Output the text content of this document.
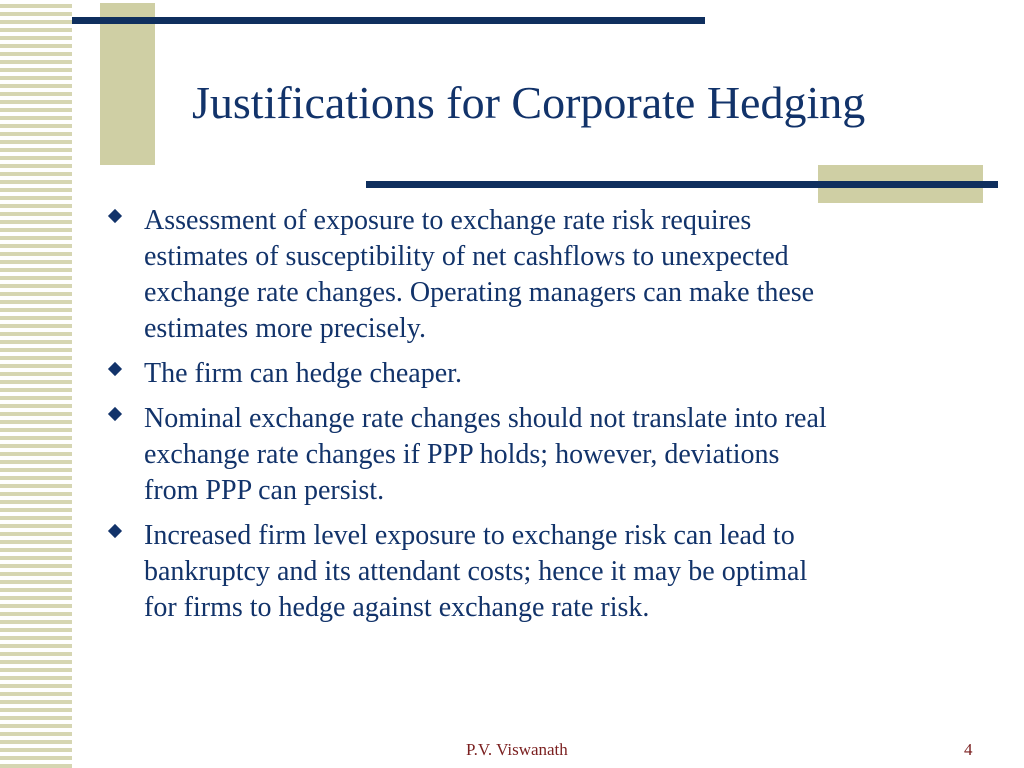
Justifications for Corporate Hedging
Assessment of exposure to exchange rate risk requires
estimates of susceptibility of net cashflows to unexpected
exchange rate changes. Operating managers can make these
estimates more precisely.
The firm can hedge cheaper.
Nominal exchange rate changes should not translate into real
exchange rate changes if PPP holds; however, deviations
from PPP can persist.
Increased firm level exposure to exchange risk can lead to
bankruptcy and its attendant costs; hence it may be optimal
for firms to hedge against exchange rate risk.
P.V. Viswanath	4
